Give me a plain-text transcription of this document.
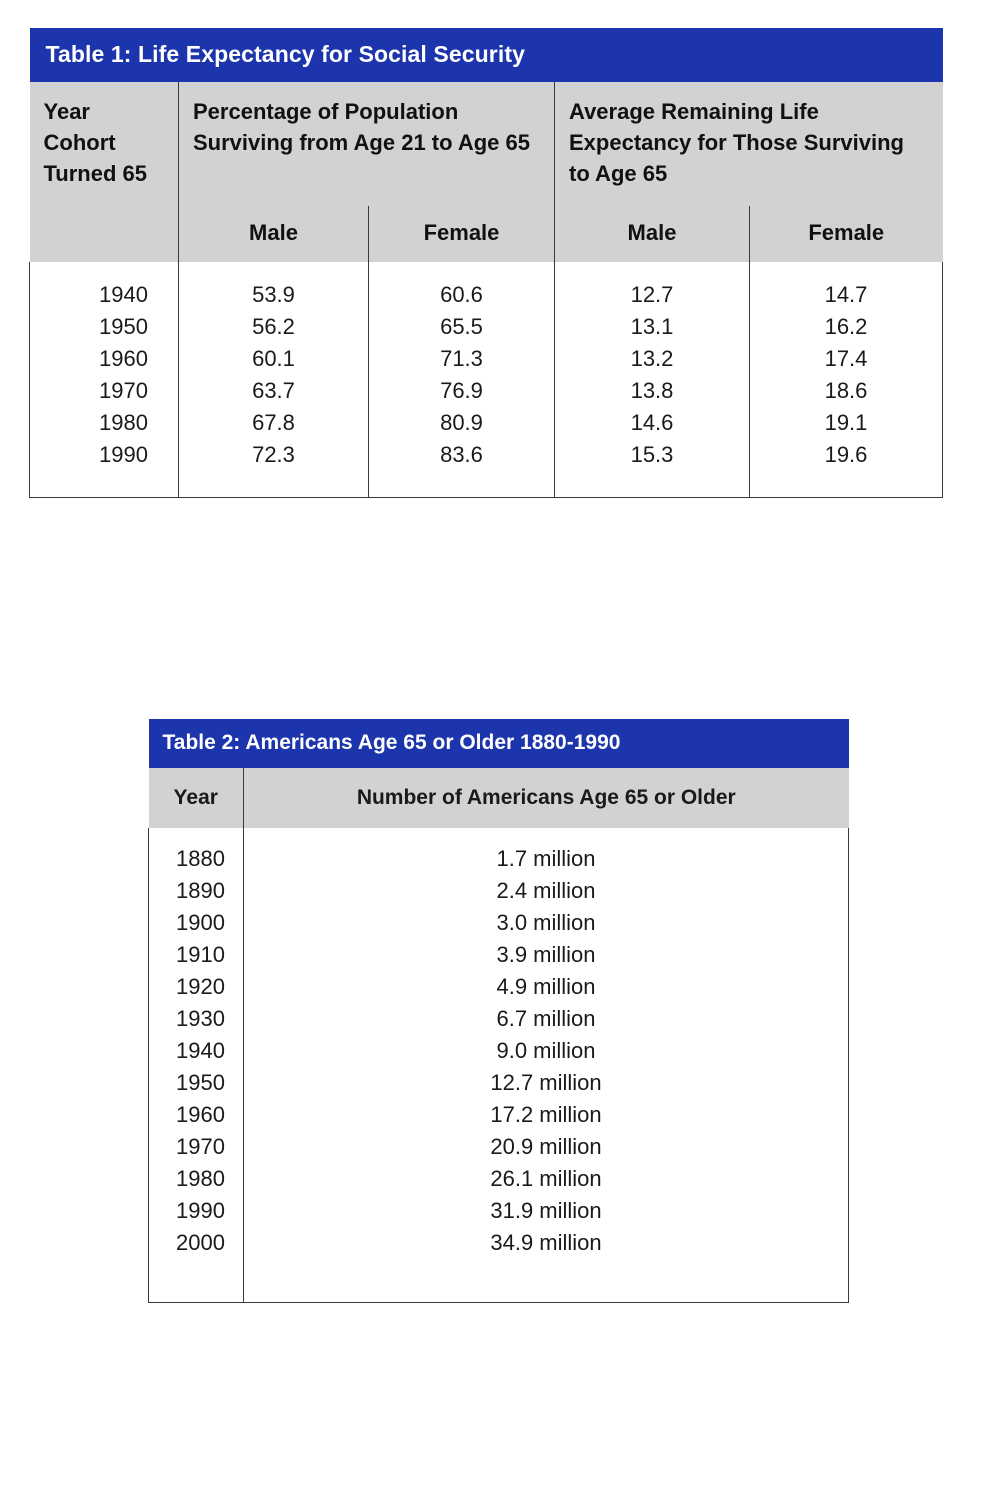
Table 1: Life Expectancy for Social Security				
Year Cohort Turned 65	Percentage of Population Surviving from Age 21 to Age 65		Average Remaining Life Expectancy for Those Surviving to Age 65	
	Male	Female	Male	Female
1940	53.9	60.6	12.7	14.7
1950	56.2	65.5	13.1	16.2
1960	60.1	71.3	13.2	17.4
1970	63.7	76.9	13.8	18.6
1980	67.8	80.9	14.6	19.1
1990	72.3	83.6	15.3	19.6

Table 2: Americans Age 65 or Older 1880-1990	
Year	Number of Americans Age 65 or Older
1880	1.7 million
1890	2.4 million
1900	3.0 million
1910	3.9 million
1920	4.9 million
1930	6.7 million
1940	9.0 million
1950	12.7 million
1960	17.2 million
1970	20.9 million
1980	26.1 million
1990	31.9 million
2000	34.9 million
